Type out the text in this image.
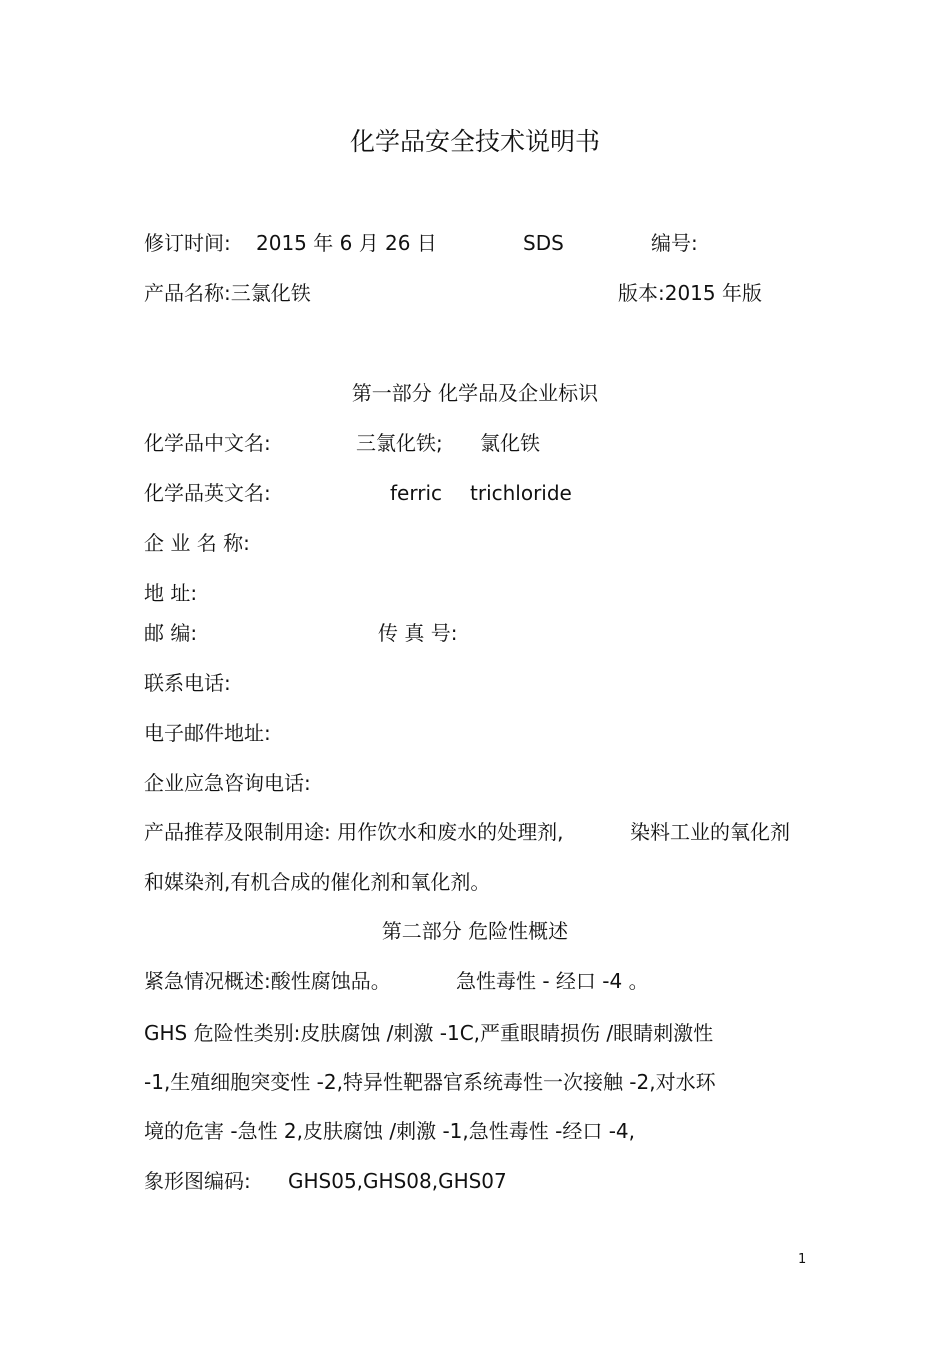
化学品安全技术说明书
修订时间: 2015 年 6 月 26 日	SDS	编号:
产品名称:三氯化铁	版本:2015 年版
第一部分 化学品及企业标识
化学品中文名:	三氯化铁; 氯化铁
化学品英文名:	ferric trichloride
企 业 名 称:
地 址:
邮 编:	传 真 号:
联系电话:
电子邮件地址:
企业应急咨询电话:
产品推荐及限制用途: 用作饮水和废水的处理剂,	染料工业的氧化剂
和媒染剂,有机合成的催化剂和氧化剂。
第二部分 危险性概述
紧急情况概述:酸性腐蚀品。	急性毒性 - 经口 -4 。
GHS 危险性类别:皮肤腐蚀 /刺激 -1C,严重眼睛损伤 /眼睛刺激性
-1,生殖细胞突变性 -2,特异性靶器官系统毒性一次接触 -2,对水环
境的危害 -急性 2,皮肤腐蚀 /刺激 -1,急性毒性 -经口 -4,
象形图编码: GHS05,GHS08,GHS07
1
